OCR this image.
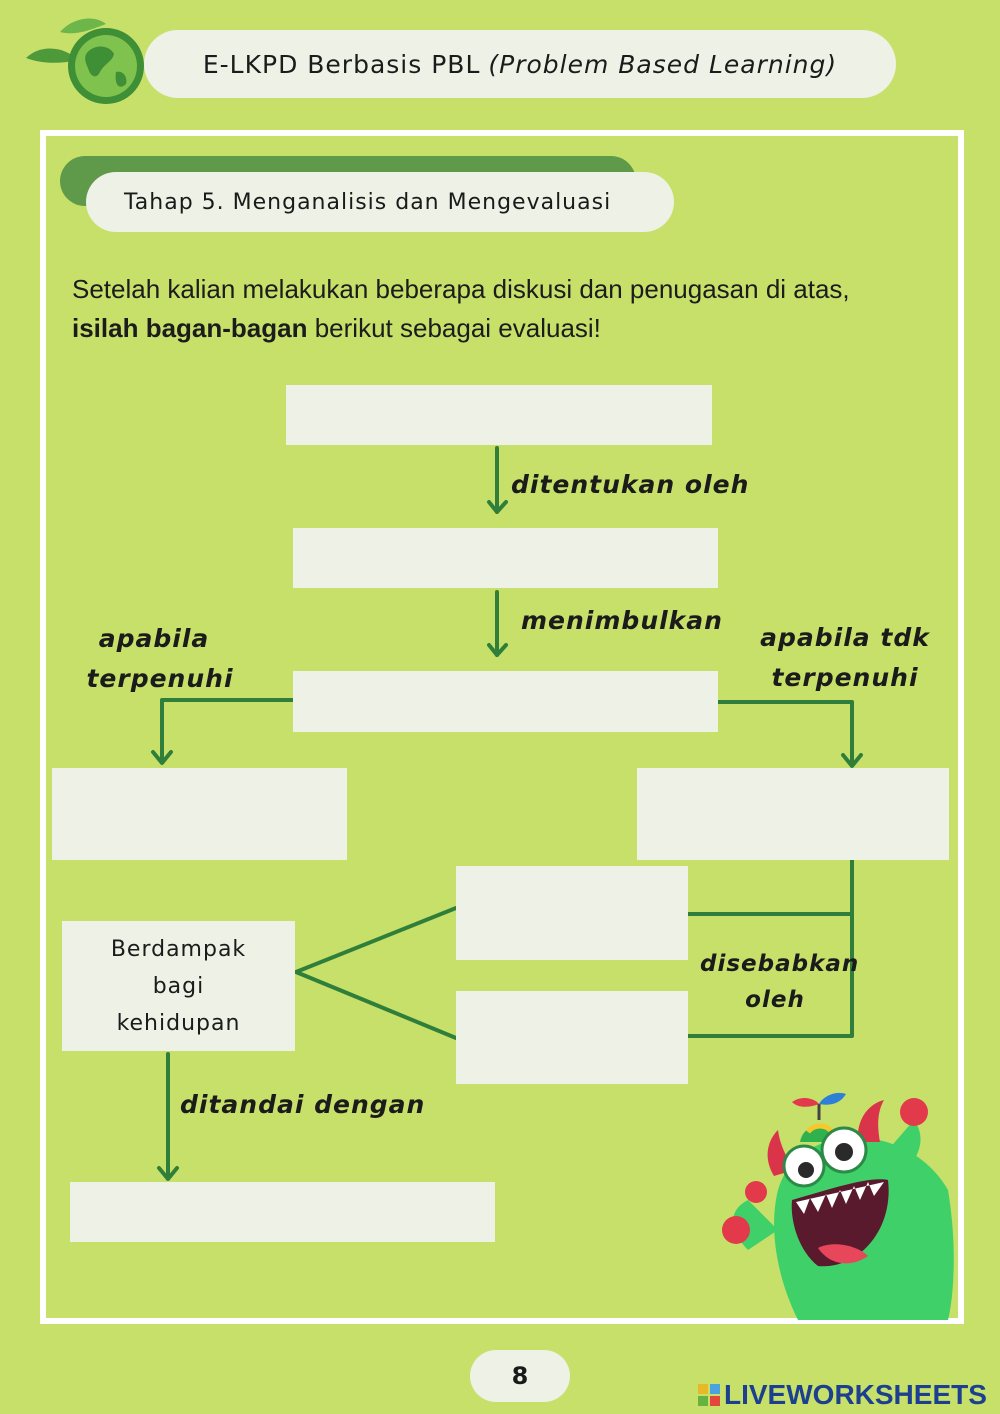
E-LKPD Berbasis PBL (Problem Based Learning)
Tahap 5. Menganalisis dan Mengevaluasi
Setelah kalian melakukan beberapa diskusi dan penugasan di atas,
isilah bagan-bagan berikut sebagai evaluasi!
Berdampak
bagi
kehidupan
ditentukan oleh
menimbulkan
apabila
terpenuhi
apabila tdk
terpenuhi
disebabkan
oleh
ditandai dengan
8
LIVEWORKSHEETS
